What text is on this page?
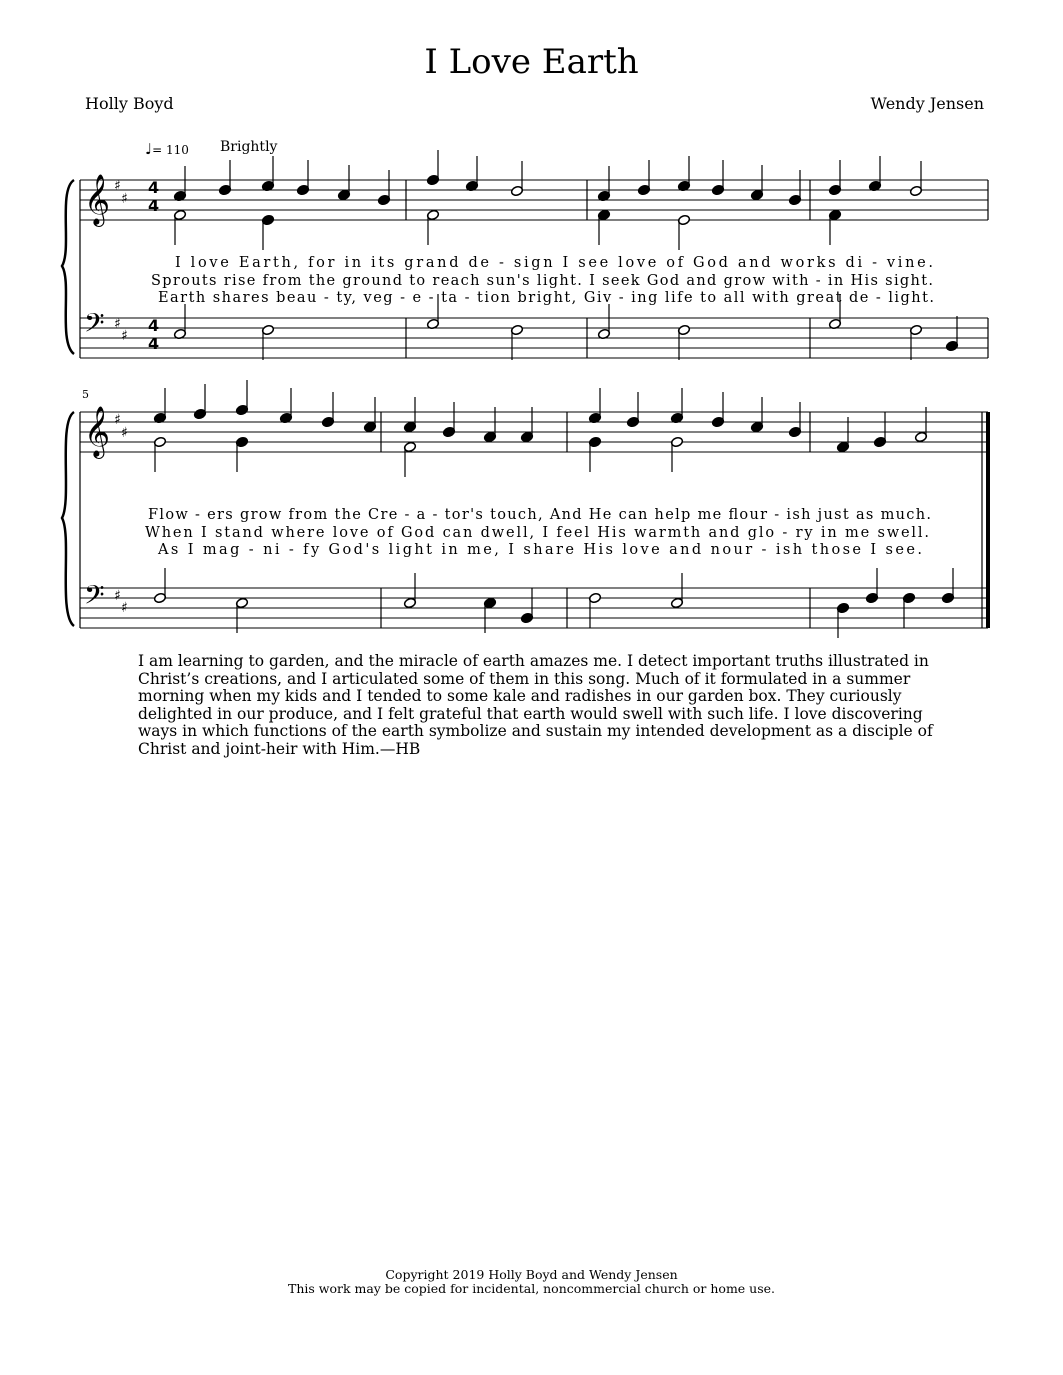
I Love Earth
Holly Boyd	Wendy Jensen
♩= 110 Brightly
𝄞
𝄢
𝄞
𝄢
♯
♯
♯
♯
♯
♯
♯
♯
4
4
4
4
5
I love Earth, for in its grand de - sign I see love of God and works di - vine.
Sprouts rise from the ground to reach sun's light. I seek God and grow with - in His sight.
Earth shares beau - ty, veg - e - ta - tion bright, Giv - ing life to all with great de - light.
Flow - ers grow from the Cre - a - tor's touch, And He can help me flour - ish just as much.
When I stand where love of God can dwell, I feel His warmth and glo - ry in me swell.
As I mag - ni - fy God's light in me, I share His love and nour - ish those I see.

I am learning to garden, and the miracle of earth amazes me. I detect important truths illustrated in Christ’s creations, and I articulated some of them in this song. Much of it formulated in a summer morning when my kids and I tended to some kale and radishes in our garden box. They curiously delighted in our produce, and I felt grateful that earth would swell with such life. I love discovering ways in which functions of the earth symbolize and sustain my intended development as a disciple of Christ and joint-heir with Him.—HB

Copyright 2019 Holly Boyd and Wendy Jensen
This work may be copied for incidental, noncommercial church or home use.
